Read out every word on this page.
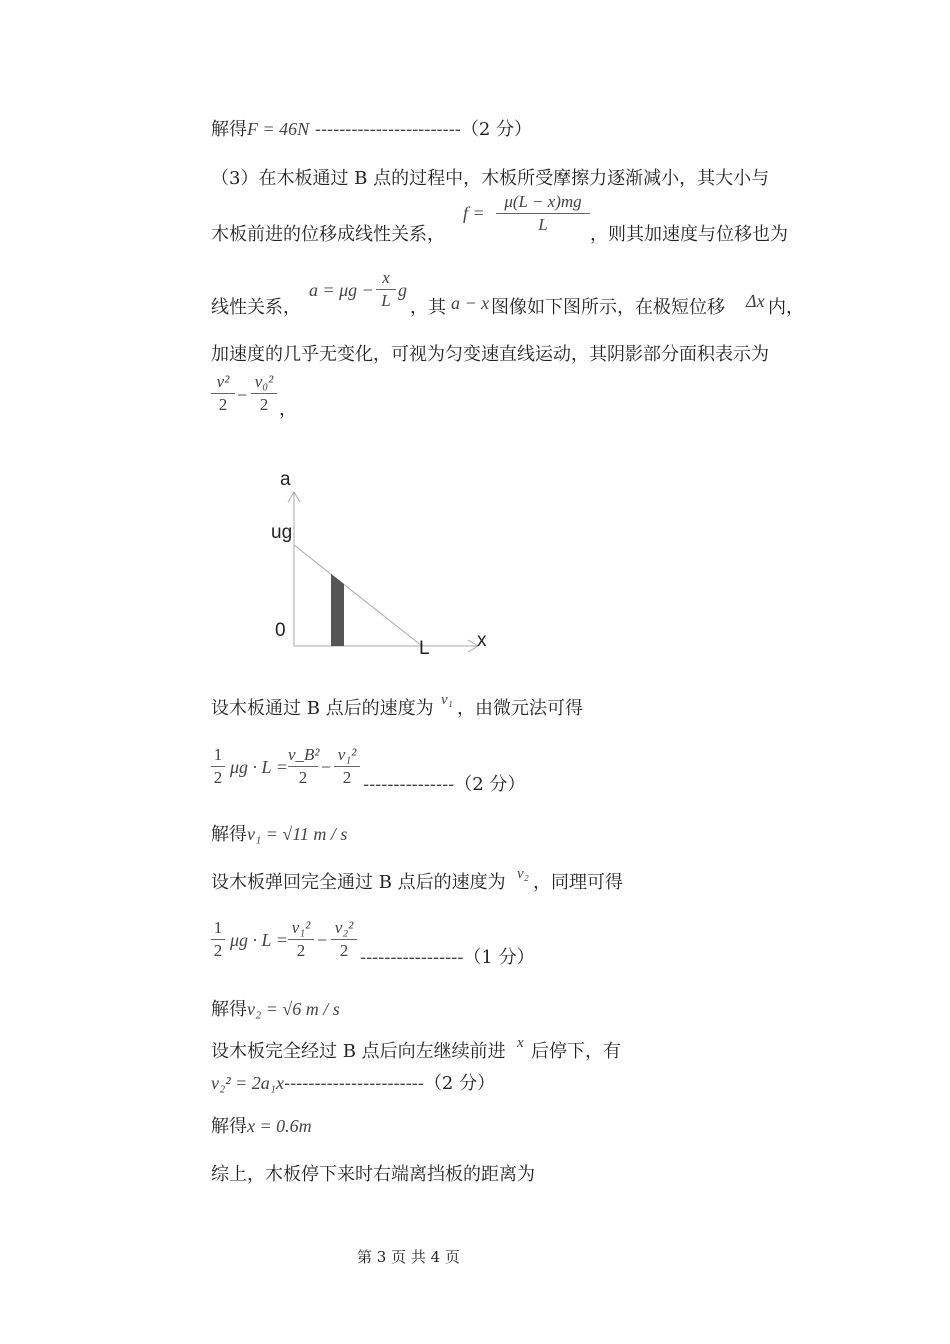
解得F = 46N ------------------------（2 分）
（3）在木板通过 B 点的过程中，木板所受摩擦力逐渐减小，其大小与
木板前进的位移成线性关系，
f =
μ(L − x)mg
L	，则其加速度与位移也为
线性关系，
a = μg −
x
L
g
，其 a − x 图像如下图所示，在极短位移 Δx 内，
加速度的几乎无变化，可视为匀变速直线运动，其阴影部分面积表示为
v²
2 −
v₀²
2 ，
a
ug
0
L x
设木板通过 B 点后的速度为 v₁ ，由微元法可得
1
2
μg · L =
v_B²
2
−
v₁²
2 ---------------（2 分）
解得v₁ = √11 m / s
设木板弹回完全通过 B 点后的速度为 v₂ ，同理可得
1
2
μg · L =
v₁²
2
−
v₂²
2 -----------------（1 分）
解得v₂ = √6 m / s
设木板完全经过 B 点后向左继续前进 x 后停下，有
v₂² = 2a₁x-----------------------（2 分）
解得x = 0.6m
综上，木板停下来时右端离挡板的距离为
第 3 页 共 4 页
